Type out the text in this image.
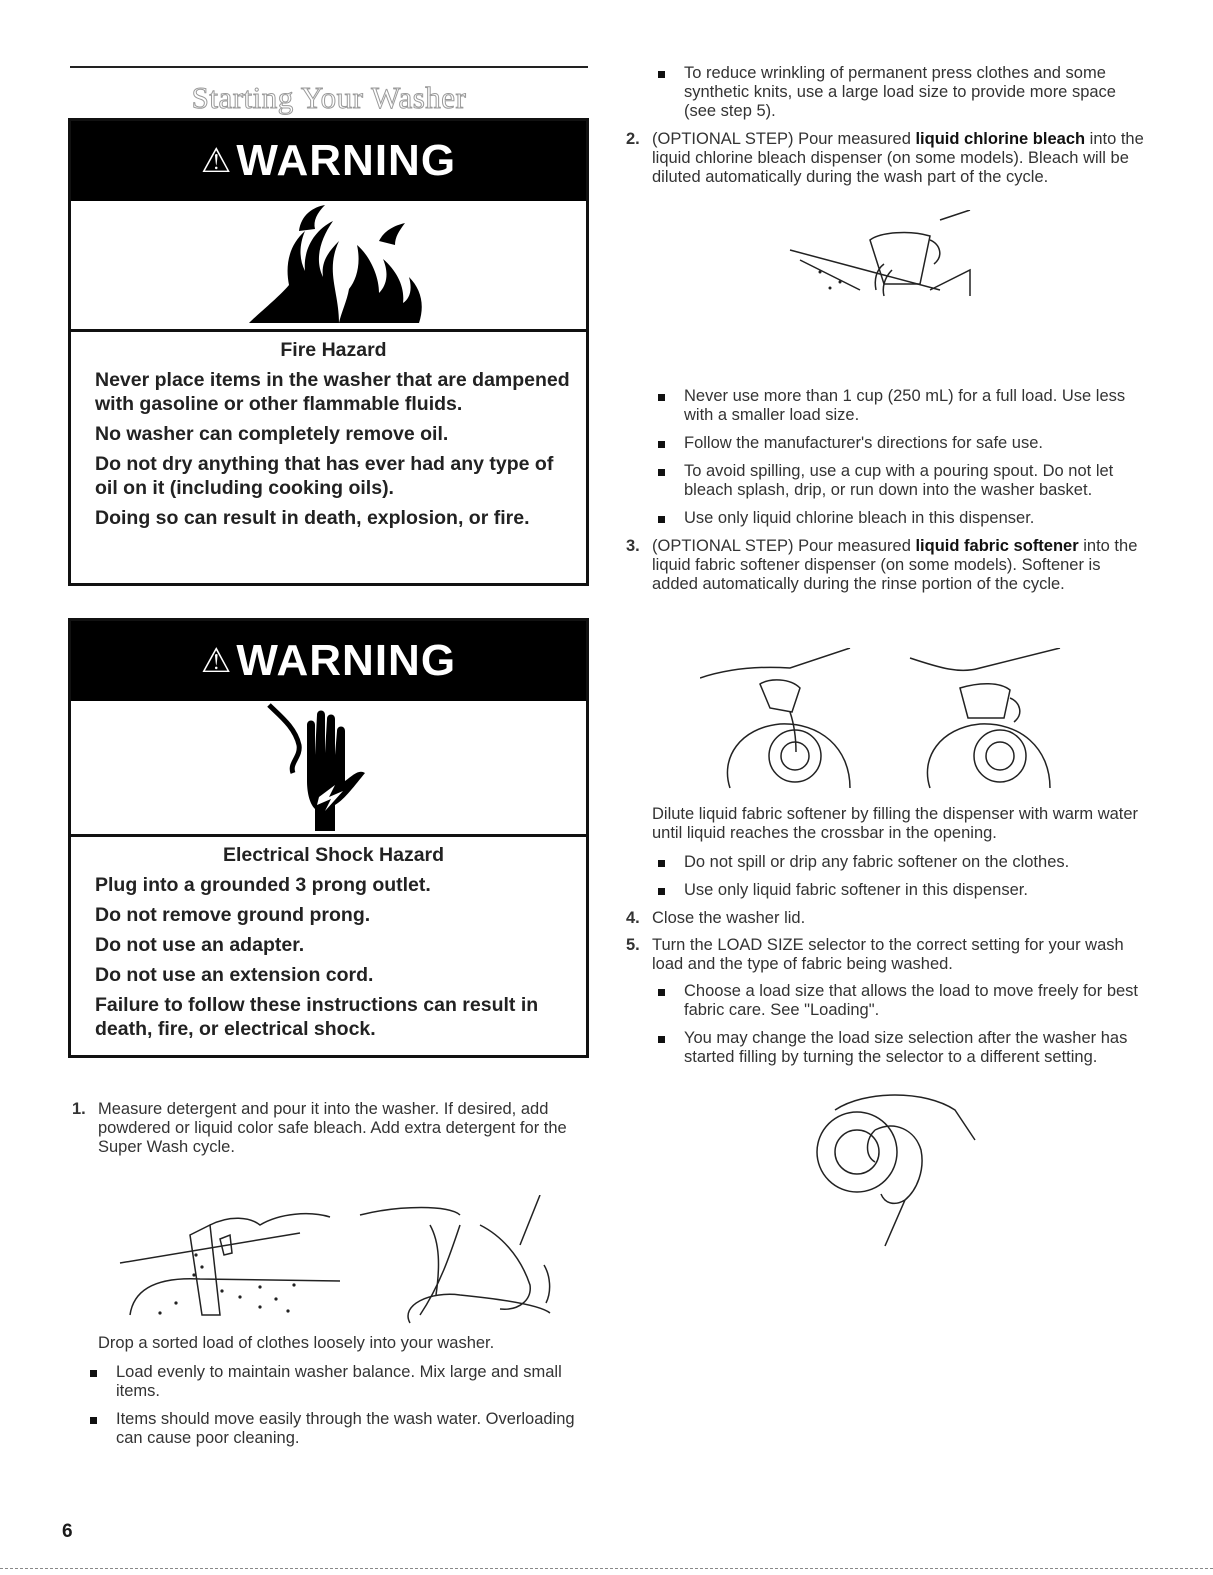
Starting Your Washer
⚠ WARNING
Fire Hazard

Never place items in the washer that are dampened with gasoline or other flammable fluids.

No washer can completely remove oil.

Do not dry anything that has ever had any type of oil on it (including cooking oils).

Doing so can result in death, explosion, or fire.

⚠ WARNING
Electrical Shock Hazard

Plug into a grounded 3 prong outlet.

Do not remove ground prong.

Do not use an adapter.

Do not use an extension cord.

Failure to follow these instructions can result in death, fire, or electrical shock.

1. Measure detergent and pour it into the washer. If desired, add powdered or liquid color safe bleach. Add extra detergent for the Super Wash cycle.

Drop a sorted load of clothes loosely into your washer.

Load evenly to maintain washer balance. Mix large and small items.
Items should move easily through the wash water. Overloading can cause poor cleaning.
To reduce wrinkling of permanent press clothes and some synthetic knits, use a large load size to provide more space (see step 5).
2. (OPTIONAL STEP) Pour measured liquid chlorine bleach into the liquid chlorine bleach dispenser (on some models). Bleach will be diluted automatically during the wash part of the cycle.

Never use more than 1 cup (250 mL) for a full load. Use less with a smaller load size.
Follow the manufacturer's directions for safe use.
To avoid spilling, use a cup with a pouring spout. Do not let bleach splash, drip, or run down into the washer basket.
Use only liquid chlorine bleach in this dispenser.
3. (OPTIONAL STEP) Pour measured liquid fabric softener into the liquid fabric softener dispenser (on some models). Softener is added automatically during the rinse portion of the cycle.

Dilute liquid fabric softener by filling the dispenser with warm water until liquid reaches the crossbar in the opening.

Do not spill or drip any fabric softener on the clothes.
Use only liquid fabric softener in this dispenser.
4. Close the washer lid.

5. Turn the LOAD SIZE selector to the correct setting for your wash load and the type of fabric being washed.

Choose a load size that allows the load to move freely for best fabric care. See "Loading".
You may change the load size selection after the washer has started filling by turning the selector to a different setting.
6
